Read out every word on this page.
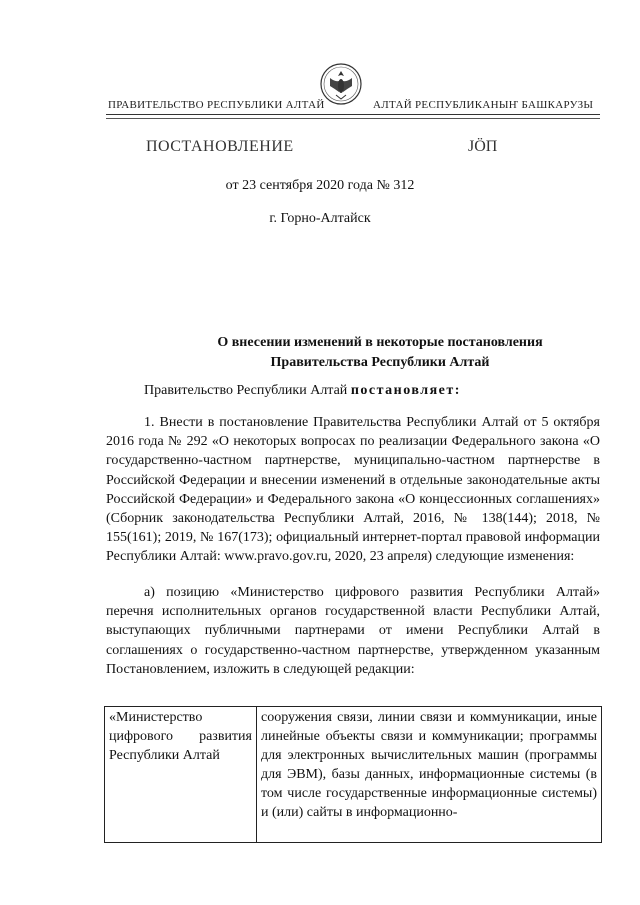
ПРАВИТЕЛЬСТВО РЕСПУБЛИКИ АЛТАЙ	АЛТАЙ РЕСПУБЛИКАНЫҤ БАШКАРУЗЫ
ПОСТАНОВЛЕНИЕ	JÖП
от 23 сентября 2020 года № 312
г. Горно-Алтайск
О внесении изменений в некоторые постановления
Правительства Республики Алтай
Правительство Республики Алтай постановляет:
1. Внести в постановление Правительства Республики Алтай от 5 октября 2016 года № 292 «О некоторых вопросах по реализации Федерального закона «О государственно-частном партнерстве, муниципально-частном партнерстве в Российской Федерации и внесении изменений в отдельные законодательные акты Российской Федерации» и Федерального закона «О концессионных соглашениях» (Сборник законодательства Республики Алтай, 2016, № 138(144); 2018, № 155(161); 2019, № 167(173); официальный интернет-портал правовой информации Республики Алтай: www.pravo.gov.ru, 2020, 23 апреля) следующие изменения:
а) позицию «Министерство цифрового развития Республики Алтай» перечня исполнительных органов государственной власти Республики Алтай, выступающих публичными партнерами от имени Республики Алтай в соглашениях о государственно-частном партнерстве, утвержденном указанным Постановлением, изложить в следующей редакции:
«Министерство цифрового развития Республики Алтай	сооружения связи, линии связи и коммуникации, иные линейные объекты связи и коммуникации; программы для электронных вычислительных машин (программы для ЭВМ), базы данных, информационные системы (в том числе государственные информационные системы) и (или) сайты в информационно-
